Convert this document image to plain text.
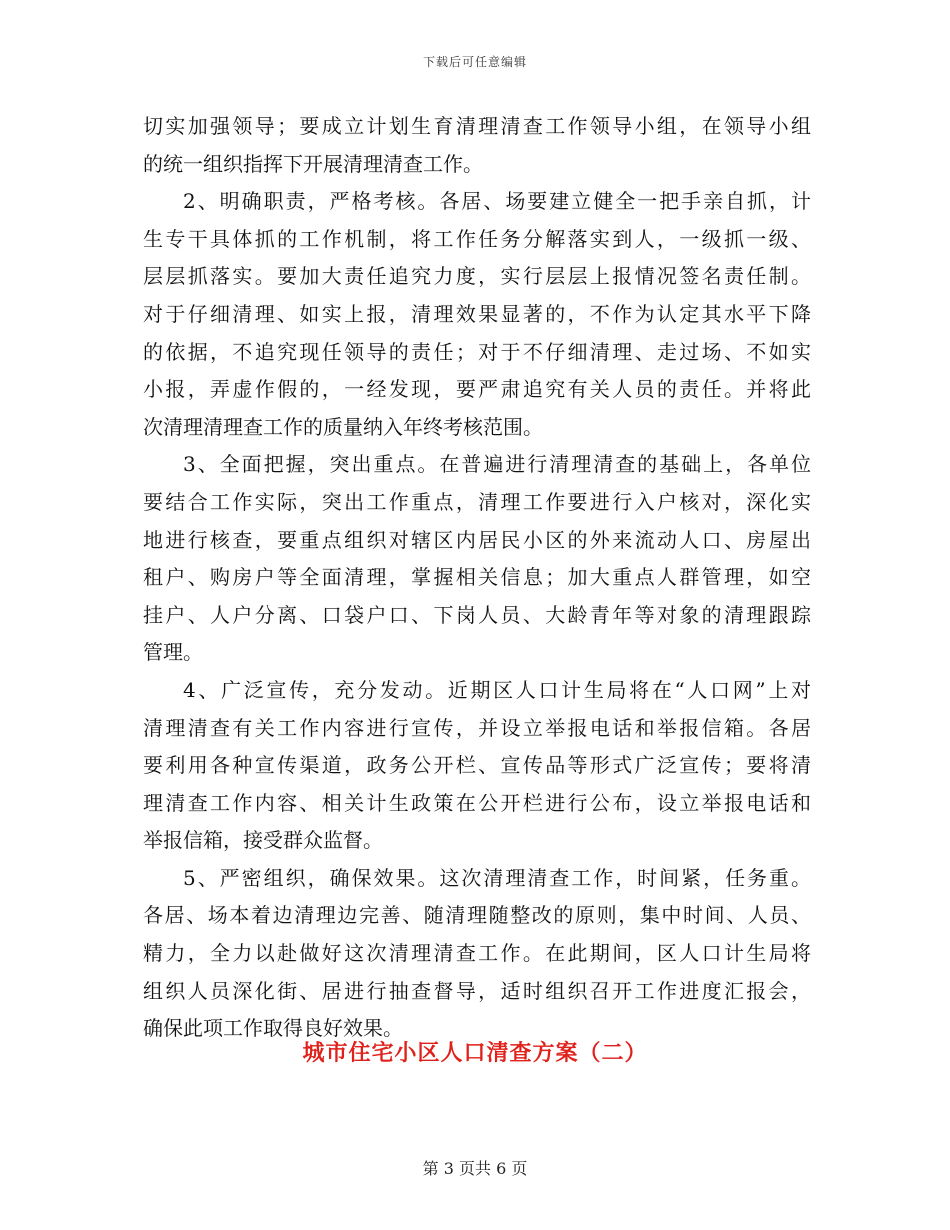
下载后可任意编辑
切实加强领导；要成立计划生育清理清查工作领导小组，在领导小组
的统一组织指挥下开展清理清查工作。
2、明确职责，严格考核。各居、场要建立健全一把手亲自抓，计
生专干具体抓的工作机制，将工作任务分解落实到人，一级抓一级、
层层抓落实。要加大责任追究力度，实行层层上报情况签名责任制。
对于仔细清理、如实上报，清理效果显著的，不作为认定其水平下降
的依据，不追究现任领导的责任；对于不仔细清理、走过场、不如实
小报，弄虚作假的，一经发现，要严肃追究有关人员的责任。并将此
次清理清理查工作的质量纳入年终考核范围。
3、全面把握，突出重点。在普遍进行清理清查的基础上，各单位
要结合工作实际，突出工作重点，清理工作要进行入户核对，深化实
地进行核查，要重点组织对辖区内居民小区的外来流动人口、房屋出
租户、购房户等全面清理，掌握相关信息；加大重点人群管理，如空
挂户、人户分离、口袋户口、下岗人员、大龄青年等对象的清理跟踪
管理。
4、广泛宣传，充分发动。近期区人口计生局将在“人口网”上对
清理清查有关工作内容进行宣传，并设立举报电话和举报信箱。各居
要利用各种宣传渠道，政务公开栏、宣传品等形式广泛宣传；要将清
理清查工作内容、相关计生政策在公开栏进行公布，设立举报电话和
举报信箱，接受群众监督。
5、严密组织，确保效果。这次清理清查工作，时间紧，任务重。
各居、场本着边清理边完善、随清理随整改的原则，集中时间、人员、
精力，全力以赴做好这次清理清查工作。在此期间，区人口计生局将
组织人员深化街、居进行抽查督导，适时组织召开工作进度汇报会，
确保此项工作取得良好效果。
城市住宅小区人口清查方案（二）
第 3 页共 6 页
